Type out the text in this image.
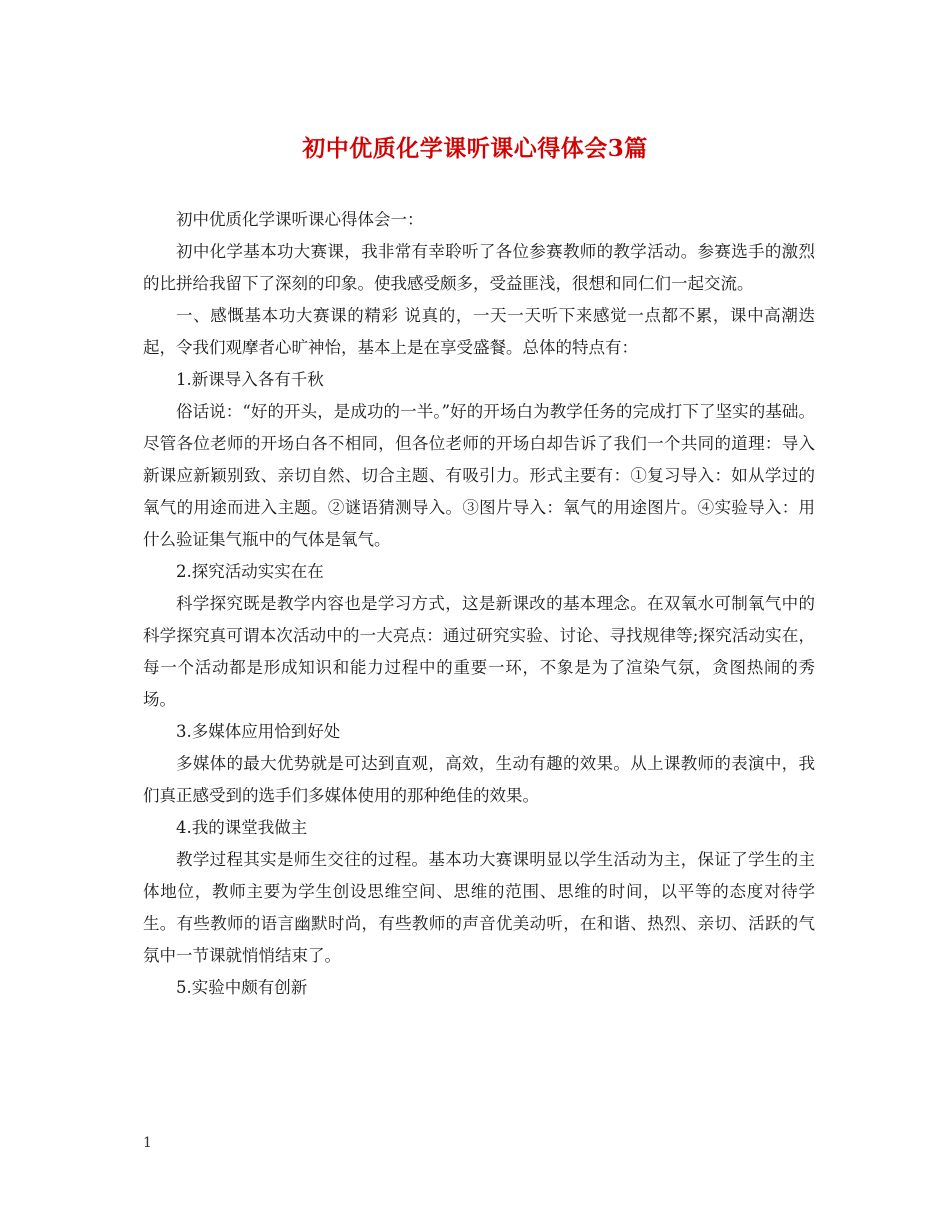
初中优质化学课听课心得体会3篇

初中优质化学课听课心得体会一：

初中化学基本功大赛课，我非常有幸聆听了各位参赛教师的教学活动。参赛选手的激烈的比拼给我留下了深刻的印象。使我感受颇多，受益匪浅，很想和同仁们一起交流。

一、感慨基本功大赛课的精彩 说真的，一天一天听下来感觉一点都不累，课中高潮迭起，令我们观摩者心旷神怡，基本上是在享受盛餐。总体的特点有：

1.新课导入各有千秋

俗话说：“好的开头，是成功的一半。”好的开场白为教学任务的完成打下了坚实的基础。尽管各位老师的开场白各不相同，但各位老师的开场白却告诉了我们一个共同的道理：导入新课应新颖别致、亲切自然、切合主题、有吸引力。形式主要有：①复习导入：如从学过的氧气的用途而进入主题。②谜语猜测导入。③图片导入：氧气的用途图片。④实验导入：用什么验证集气瓶中的气体是氧气。

2.探究活动实实在在

科学探究既是教学内容也是学习方式，这是新课改的基本理念。在双氧水可制氧气中的科学探究真可谓本次活动中的一大亮点：通过研究实验、讨论、寻找规律等;探究活动实在，每一个活动都是形成知识和能力过程中的重要一环，不象是为了渲染气氛，贪图热闹的秀场。

3.多媒体应用恰到好处

多媒体的最大优势就是可达到直观，高效，生动有趣的效果。从上课教师的表演中，我们真正感受到的选手们多媒体使用的那种绝佳的效果。

4.我的课堂我做主

教学过程其实是师生交往的过程。基本功大赛课明显以学生活动为主，保证了学生的主体地位，教师主要为学生创设思维空间、思维的范围、思维的时间，以平等的态度对待学生。有些教师的语言幽默时尚，有些教师的声音优美动听，在和谐、热烈、亲切、活跃的气氛中一节课就悄悄结束了。

5.实验中颇有创新

1
